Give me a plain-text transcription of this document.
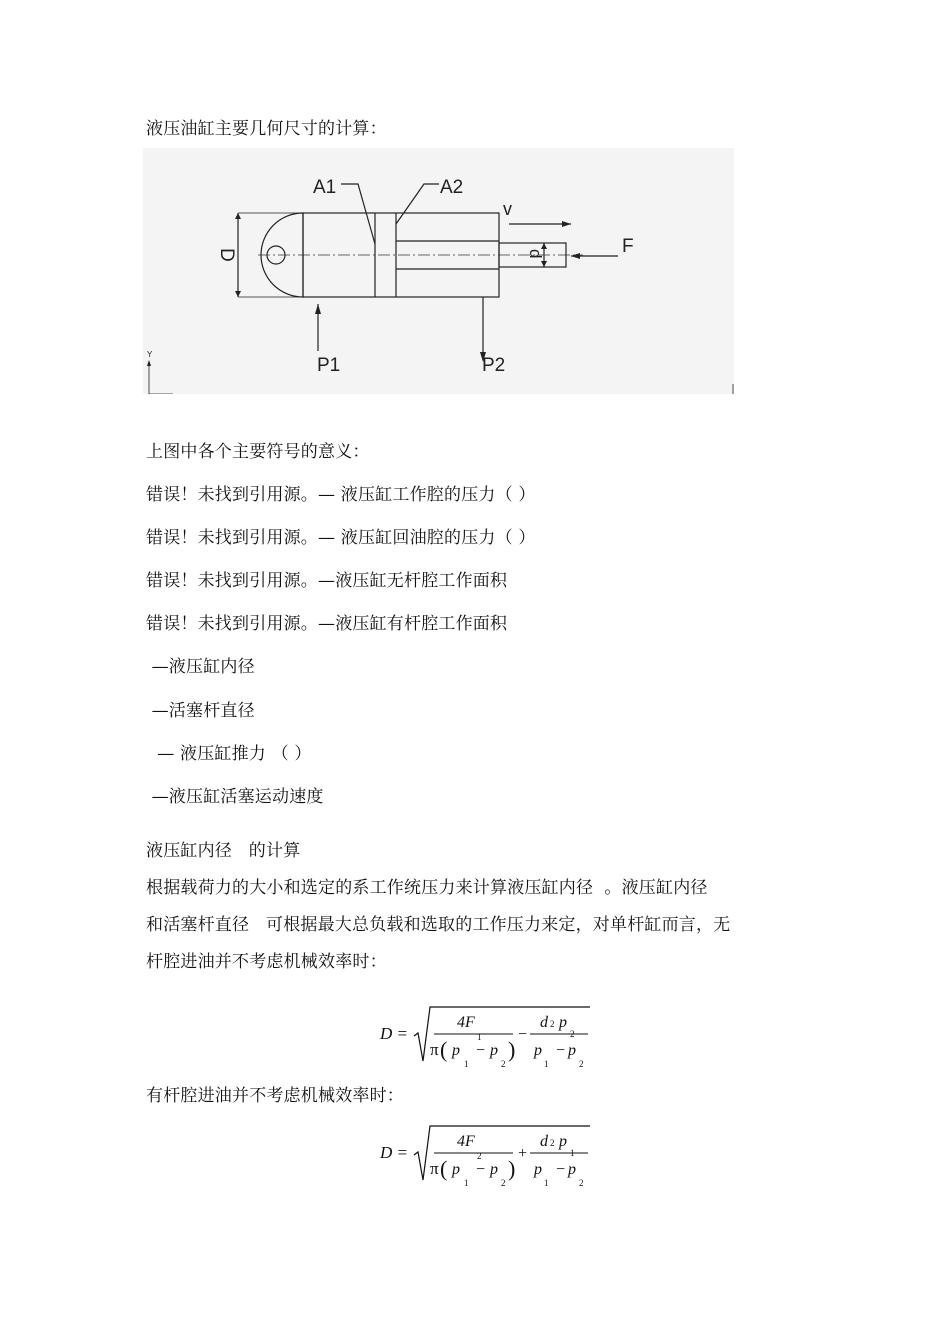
液压油缸主要几何尺寸的计算：
A1	A2
v
F
D	d
P1	P2
Y
上图中各个主要符号的意义：
错误！未找到引用源。— 液压缸工作腔的压力（ ）
错误！未找到引用源。— 液压缸回油腔的压力（ ）
错误！未找到引用源。—液压缸无杆腔工作面积
错误！未找到引用源。—液压缸有杆腔工作面积
—液压缸内径
—活塞杆直径
— 液压缸推力 （ ）
—液压缸活塞运动速度
液压缸内径   的计算
根据载荷力的大小和选定的系工作统压力来计算液压缸内径  。液压缸内径
和活塞杆直径   可根据最大总负载和选取的工作压力来定，对单杆缸而言，无
杆腔进油并不考虑机械效率时：
D =
4F
1
π ( p
1
− p
2
)
−
d 2 p
2
p
1
− p
2
有杆腔进油并不考虑机械效率时：
D =
4F
2
π ( p
1
− p
2
)
+
d 2 p
1
p
1
− p
2
